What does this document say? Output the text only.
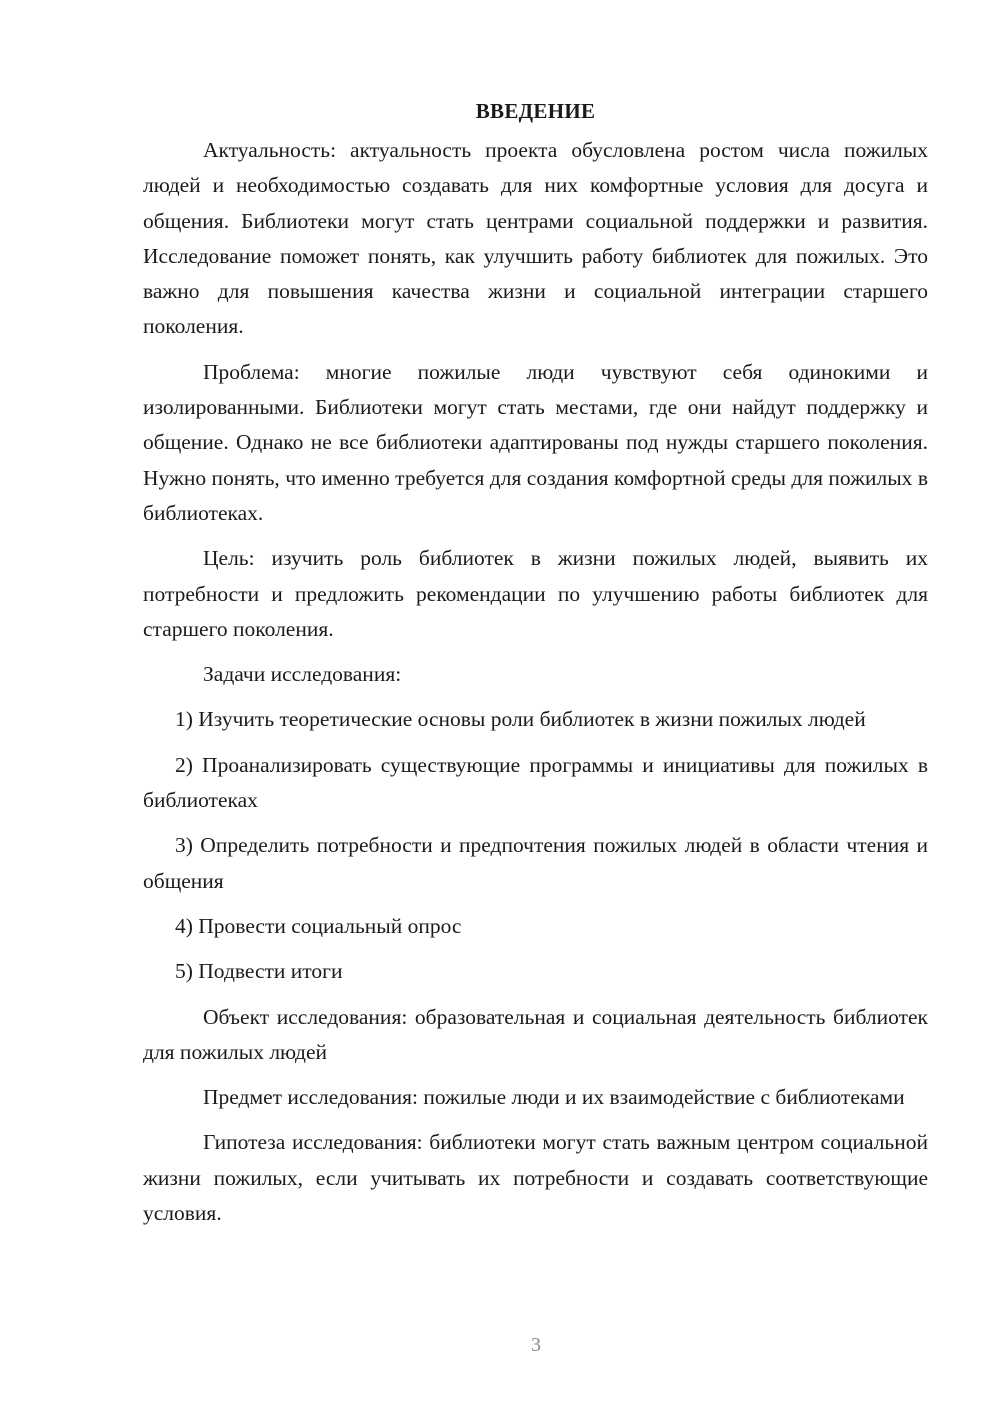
ВВЕДЕНИЕ

Актуальность: актуальность проекта обусловлена ростом числа пожилых людей и необходимостью создавать для них комфортные условия для досуга и общения. Библиотеки могут стать центрами социальной поддержки и развития. Исследование поможет понять, как улучшить работу библиотек для пожилых. Это важно для повышения качества жизни и социальной интеграции старшего поколения.

Проблема: многие пожилые люди чувствуют себя одинокими и изолированными. Библиотеки могут стать местами, где они найдут поддержку и общение. Однако не все библиотеки адаптированы под нужды старшего поколения. Нужно понять, что именно требуется для создания комфортной среды для пожилых в библиотеках.

Цель: изучить роль библиотек в жизни пожилых людей, выявить их потребности и предложить рекомендации по улучшению работы библиотек для старшего поколения.

Задачи исследования:

1) Изучить теоретические основы роли библиотек в жизни пожилых людей

2) Проанализировать существующие программы и инициативы для пожилых в библиотеках

3) Определить потребности и предпочтения пожилых людей в области чтения и общения

4) Провести социальный опрос

5) Подвести итоги

Объект исследования: образовательная и социальная деятельность библиотек для пожилых людей

Предмет исследования: пожилые люди и их взаимодействие с библиотеками

Гипотеза исследования: библиотеки могут стать важным центром социальной жизни пожилых, если учитывать их потребности и создавать соответствующие условия.

3
